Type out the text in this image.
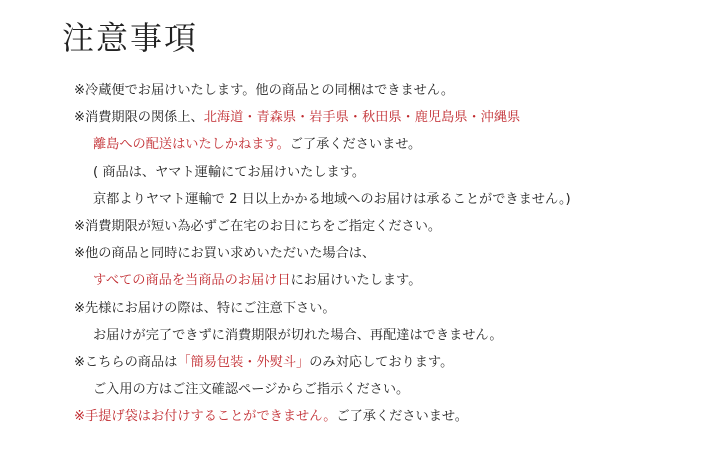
注意事項
※冷蔵便でお届けいたします。他の商品との同梱はできません。
※消費期限の関係上、北海道・青森県・岩手県・秋田県・鹿児島県・沖縄県
離島への配送はいたしかねます。ご了承くださいませ。
( 商品は、ヤマト運輸にてお届けいたします。
京都よりヤマト運輸で 2 日以上かかる地域へのお届けは承ることができません。)
※消費期限が短い為必ずご在宅のお日にちをご指定ください。
※他の商品と同時にお買い求めいただいた場合は、
すべての商品を当商品のお届け日にお届けいたします。
※先様にお届けの際は、特にご注意下さい。
お届けが完了できずに消費期限が切れた場合、再配達はできません。
※こちらの商品は「簡易包装・外熨斗」のみ対応しております。
ご入用の方はご注文確認ページからご指示ください。
※手提げ袋はお付けすることができません。ご了承くださいませ。
